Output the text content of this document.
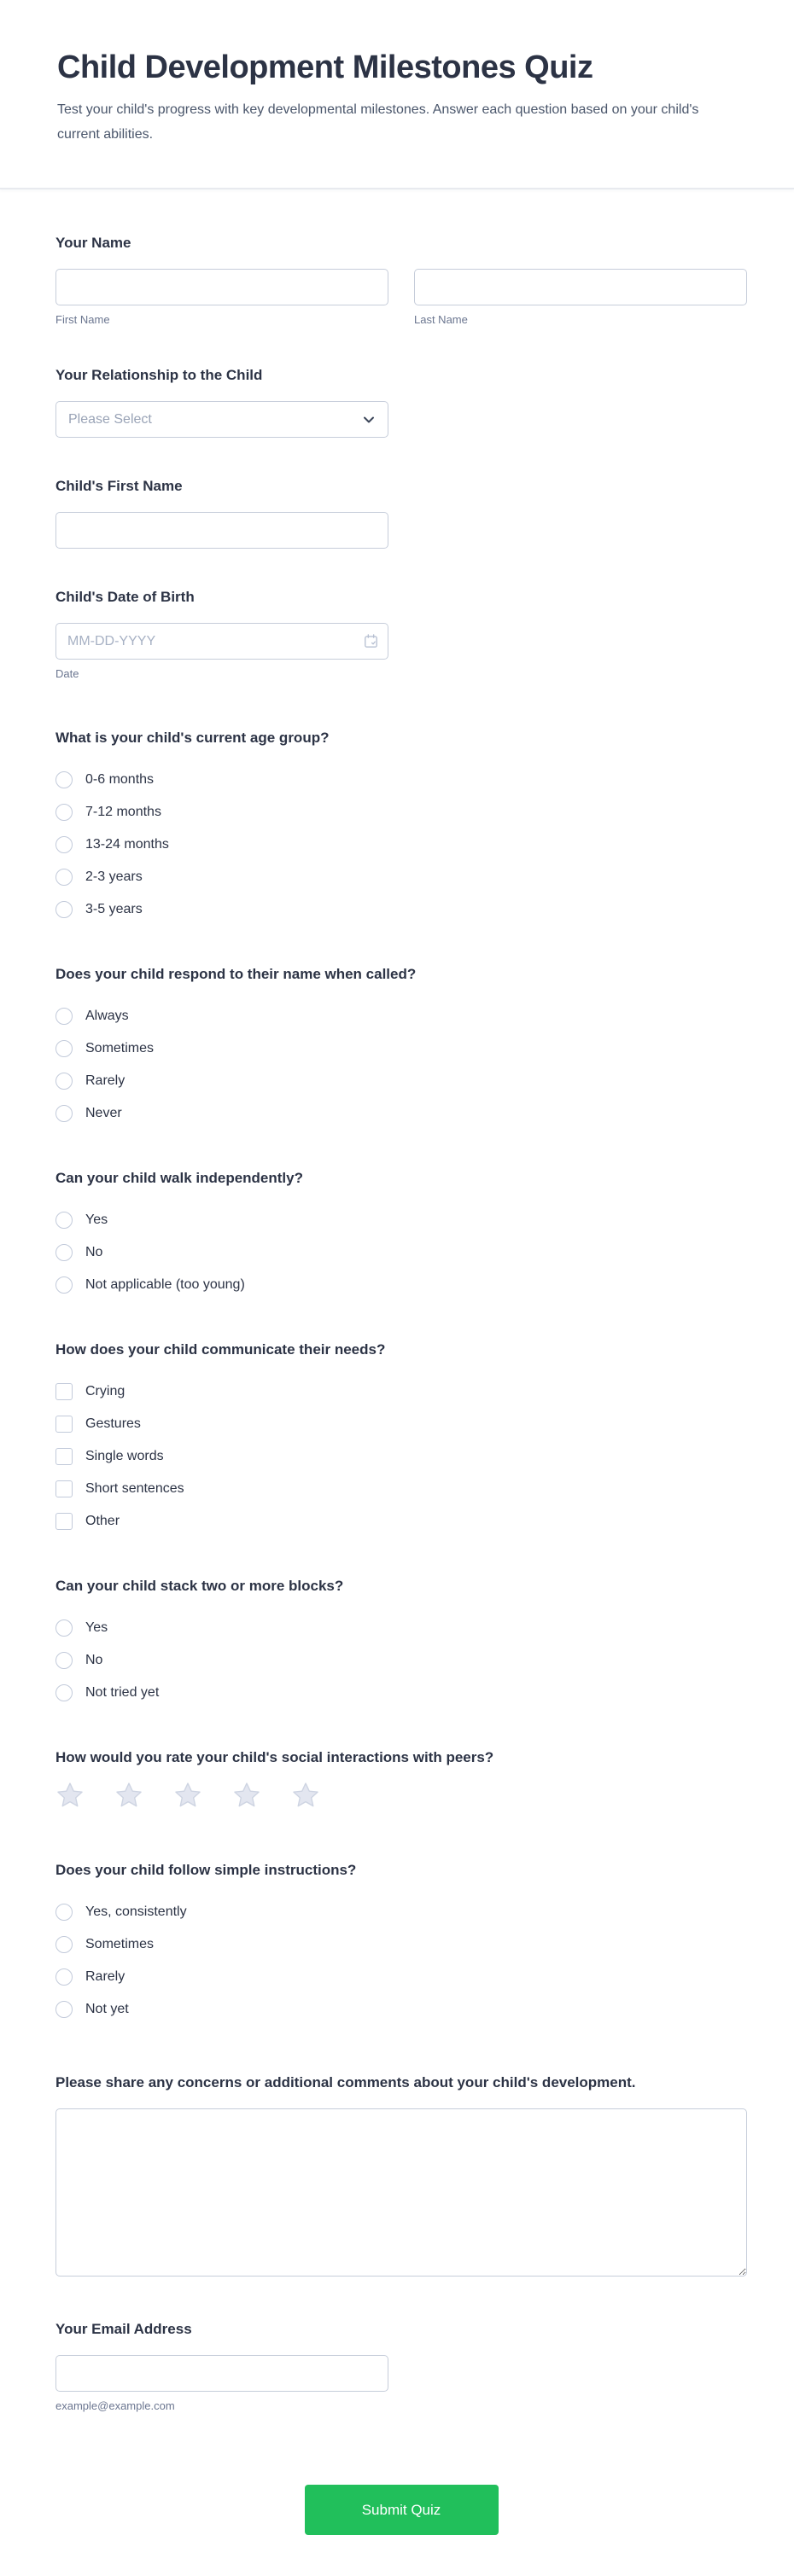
Child Development Milestones Quiz

Test your child's progress with key developmental milestones. Answer each question based on your child's current abilities.

Your Name
First Name	Last Name
Your Relationship to the Child
Please Select
Child's First Name
Child's Date of Birth
MM-DD-YYYY
Date
What is your child's current age group?
0-6 months
7-12 months
13-24 months
2-3 years
3-5 years
Does your child respond to their name when called?
Always
Sometimes
Rarely
Never
Can your child walk independently?
Yes
No
Not applicable (too young)
How does your child communicate their needs?
Crying
Gestures
Single words
Short sentences
Other
Can your child stack two or more blocks?
Yes
No
Not tried yet
How would you rate your child's social interactions with peers?
Does your child follow simple instructions?
Yes, consistently
Sometimes
Rarely
Not yet
Please share any concerns or additional comments about your child's development.
Your Email Address
example@example.com
Submit Quiz
